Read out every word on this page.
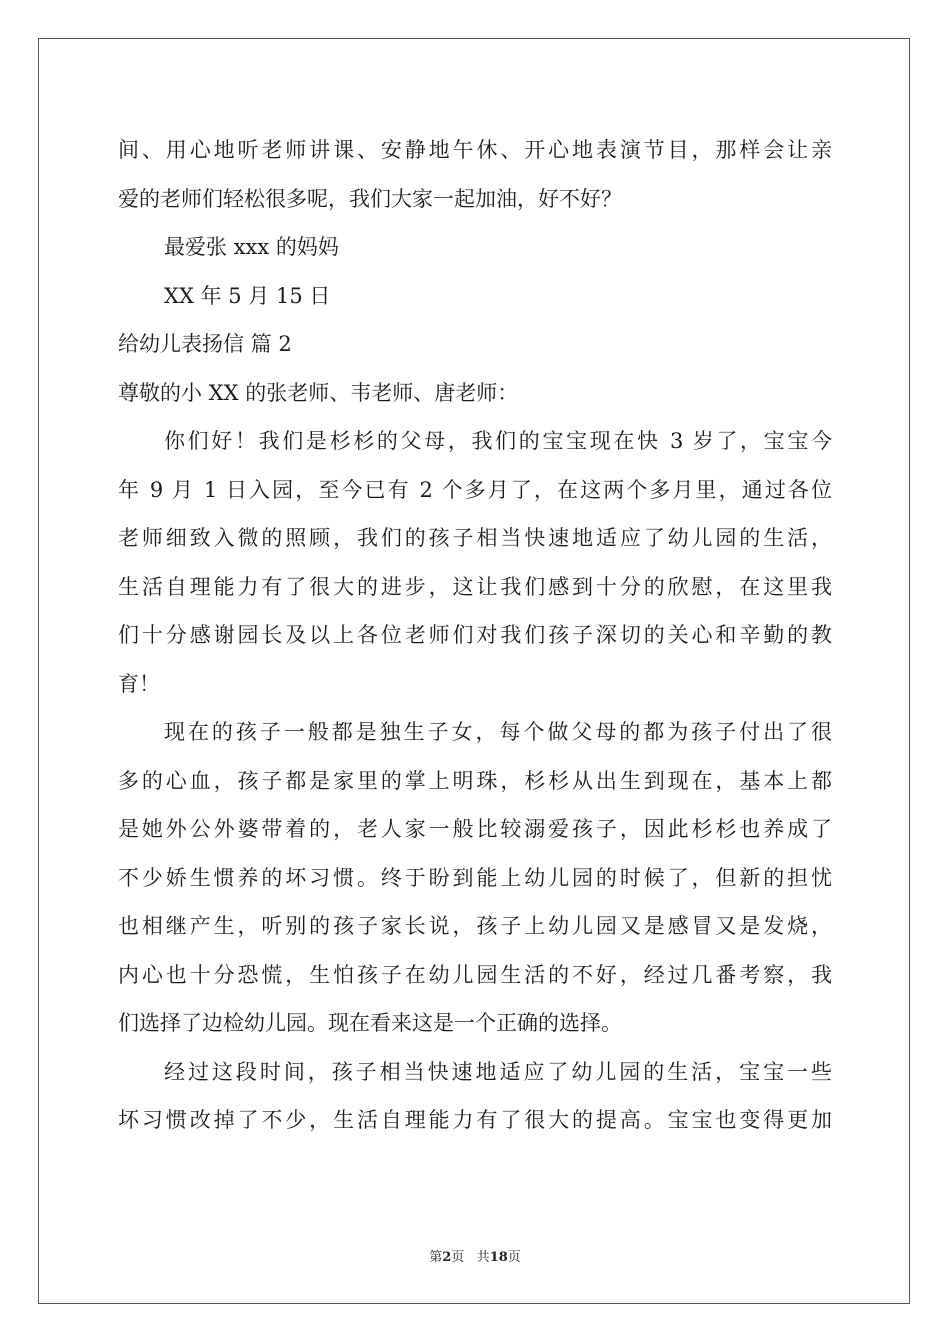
间、用心地听老师讲课、安静地午休、开心地表演节目，那样会让亲
爱的老师们轻松很多呢，我们大家一起加油，好不好？
最爱张 xxx 的妈妈
XX 年 5 月 15 日
给幼儿表扬信 篇 2
尊敬的小 XX 的张老师、韦老师、唐老师：
你们好！我们是杉杉的父母，我们的宝宝现在快 3 岁了，宝宝今
年 9 月 1 日入园，至今已有 2 个多月了，在这两个多月里，通过各位
老师细致入微的照顾，我们的孩子相当快速地适应了幼儿园的生活，
生活自理能力有了很大的进步，这让我们感到十分的欣慰，在这里我
们十分感谢园长及以上各位老师们对我们孩子深切的关心和辛勤的教
育！
现在的孩子一般都是独生子女，每个做父母的都为孩子付出了很
多的心血，孩子都是家里的掌上明珠，杉杉从出生到现在，基本上都
是她外公外婆带着的，老人家一般比较溺爱孩子，因此杉杉也养成了
不少娇生惯养的坏习惯。终于盼到能上幼儿园的时候了，但新的担忧
也相继产生，听别的孩子家长说，孩子上幼儿园又是感冒又是发烧，
内心也十分恐慌，生怕孩子在幼儿园生活的不好，经过几番考察，我
们选择了边检幼儿园。现在看来这是一个正确的选择。
经过这段时间，孩子相当快速地适应了幼儿园的生活，宝宝一些
坏习惯改掉了不少，生活自理能力有了很大的提高。宝宝也变得更加
第2页 共18页
